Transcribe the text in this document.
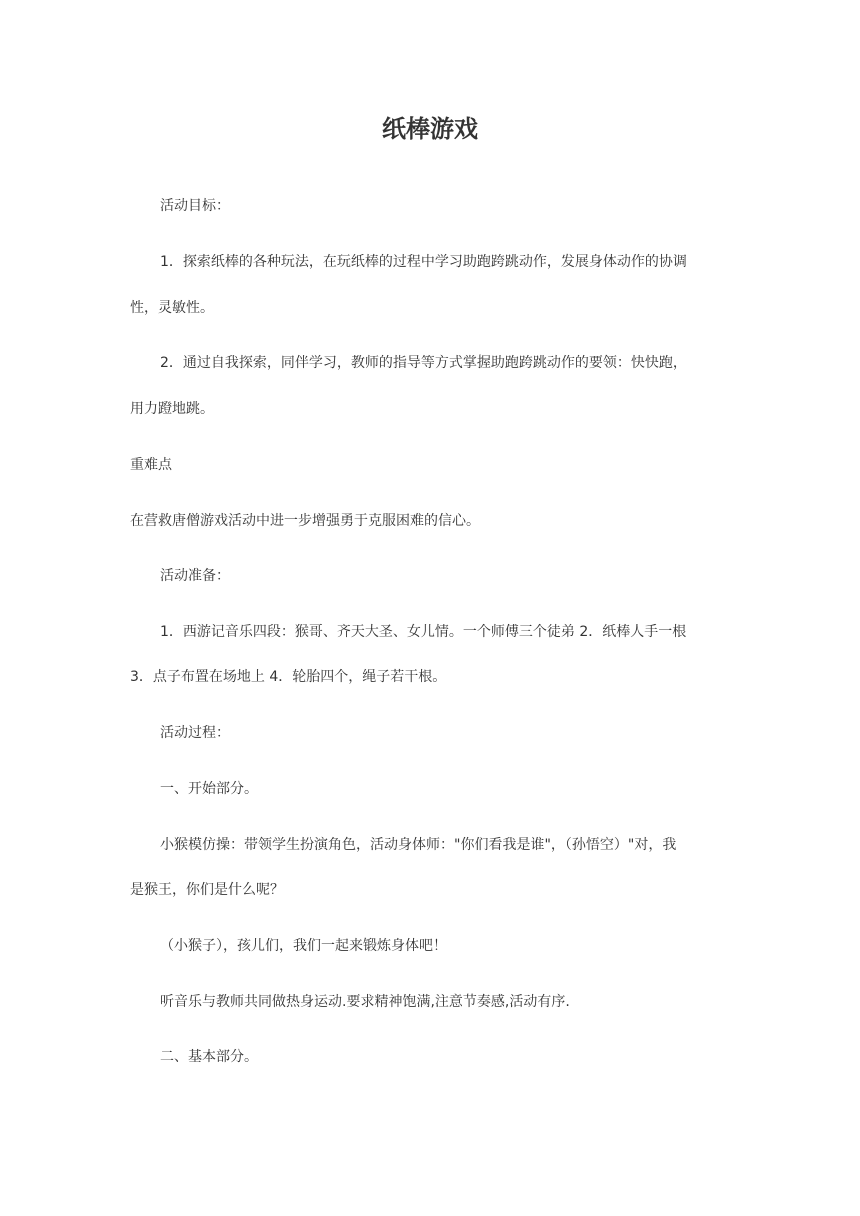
纸棒游戏
活动目标：
1．探索纸棒的各种玩法，在玩纸棒的过程中学习助跑跨跳动作，发展身体动作的协调
性，灵敏性。
2．通过自我探索，同伴学习，教师的指导等方式掌握助跑跨跳动作的要领：快快跑，
用力蹬地跳。
重难点
在营救唐僧游戏活动中进一步增强勇于克服困难的信心。
活动准备：
1．西游记音乐四段：猴哥、齐天大圣、女儿情。一个师傅三个徒弟 2．纸棒人手一根
3．点子布置在场地上 4．轮胎四个，绳子若干根。
活动过程：
一、开始部分。
小猴模仿操：带领学生扮演角色，活动身体师："你们看我是谁"，（孙悟空）"对，我
是猴王，你们是什么呢？
（小猴子），孩儿们，我们一起来锻炼身体吧！
听音乐与教师共同做热身运动.要求精神饱满,注意节奏感,活动有序.
二、基本部分。
